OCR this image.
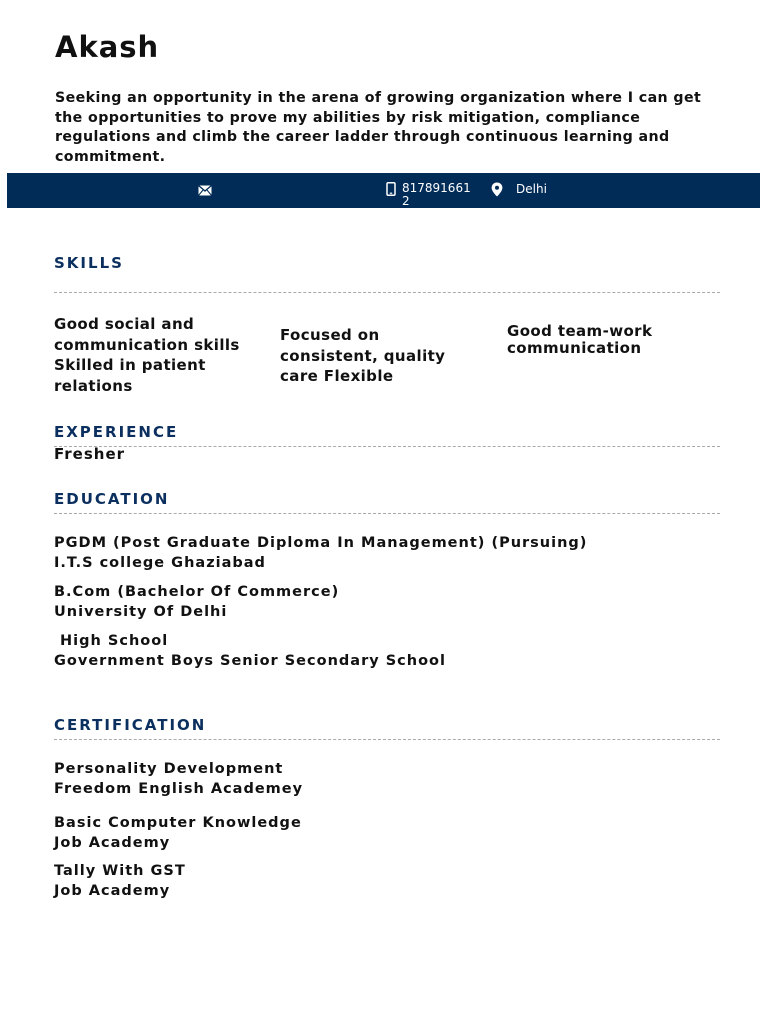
Akash
Seeking an opportunity in the arena of growing organization where I can get the opportunities to prove my abilities by risk mitigation, compliance regulations and climb the career ladder through continuous learning and commitment.
8178916612
Delhi
SKILLS
Good social and communication skills Skilled in patient relations
Focused on consistent, quality care Flexible
Good team-work communication
EXPERIENCE
Fresher
EDUCATION
PGDM (Post Graduate Diploma In Management) (Pursuing)
I.T.S college Ghaziabad
B.Com (Bachelor Of Commerce)
University Of Delhi
High School
Government Boys Senior Secondary School
CERTIFICATION
Personality Development
Freedom English Academey
Basic Computer Knowledge
Job Academy
Tally With GST
Job Academy
